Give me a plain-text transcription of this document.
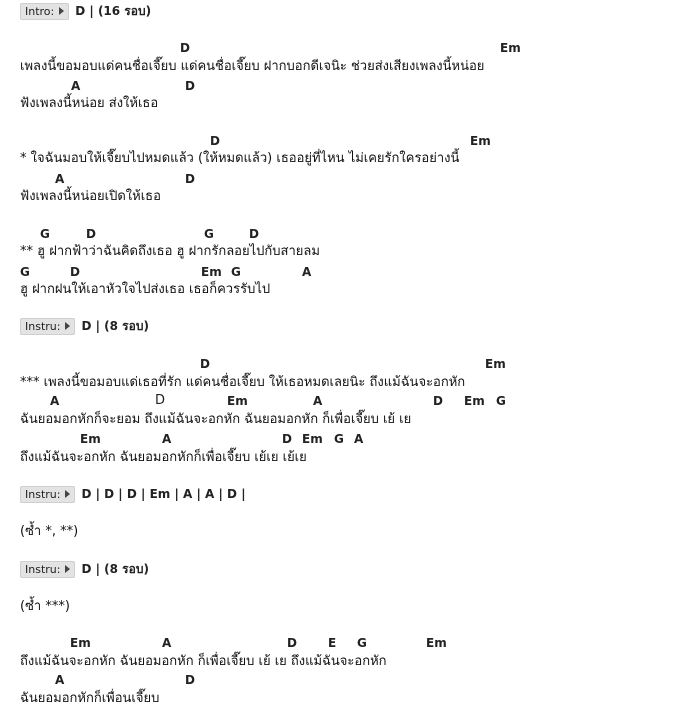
Intro: D | (16 รอบ)
D	Em
เพลงนี้ขอมอบแด่คนชื่อเจี๊ยบ แด่คนชื่อเจี๊ยบ ฝากบอกดีเจนิะ ช่วยส่งเสียงเพลงนี้หน่อย
A	D
ฟังเพลงนี้หน่อย ส่งให้เธอ
D	Em
* ใจฉันมอบให้เจี๊ยบไปหมดแล้ว (ให้หมดแล้ว) เธออยู่ที่ไหน ไม่เคยรักใครอย่างนี้
A	D
ฟังเพลงนี้หน่อยเปิดให้เธอ
G	D	G	D
** ฮู ฝากฟ้าว่าฉันคิดถึงเธอ ฮู ฝากรักลอยไปกับสายลม
G	D	Em G	A
ฮู ฝากฝนให้เอาหัวใจไปส่งเธอ เธอก็ควรรับไป
Instru: D | (8 รอบ)
D	Em
*** เพลงนี้ขอมอบแด่เธอที่รัก แด่คนชื่อเจี๊ยบ ให้เธอหมดเลยนิะ ถึงแม้ฉันจะอกหัก
A	D	Em	A	D Em G
ฉันยอมอกหักก็จะยอม ถึงแม้ฉันจะอกหัก ฉันยอมอกหัก ก็เพื่อเจี๊ยบ เย้ เย
Em	A	D Em G A
ถึงแม้ฉันจะอกหัก ฉันยอมอกหักก็เพื่อเจี๊ยบ เย้เย เย้เย
Instru: D | D | D | Em | A | A | D |
(ซ้ำ *, **)
Instru: D | (8 รอบ)
(ซ้ำ ***)
Em	A	D	E G	Em
ถึงแม้ฉันจะอกหัก ฉันยอมอกหัก ก็เพื่อเจี๊ยบ เย้ เย ถึงแม้ฉันจะอกหัก
A	D
ฉันยอมอกหักก็เพื่อนเจี๊ยบ
